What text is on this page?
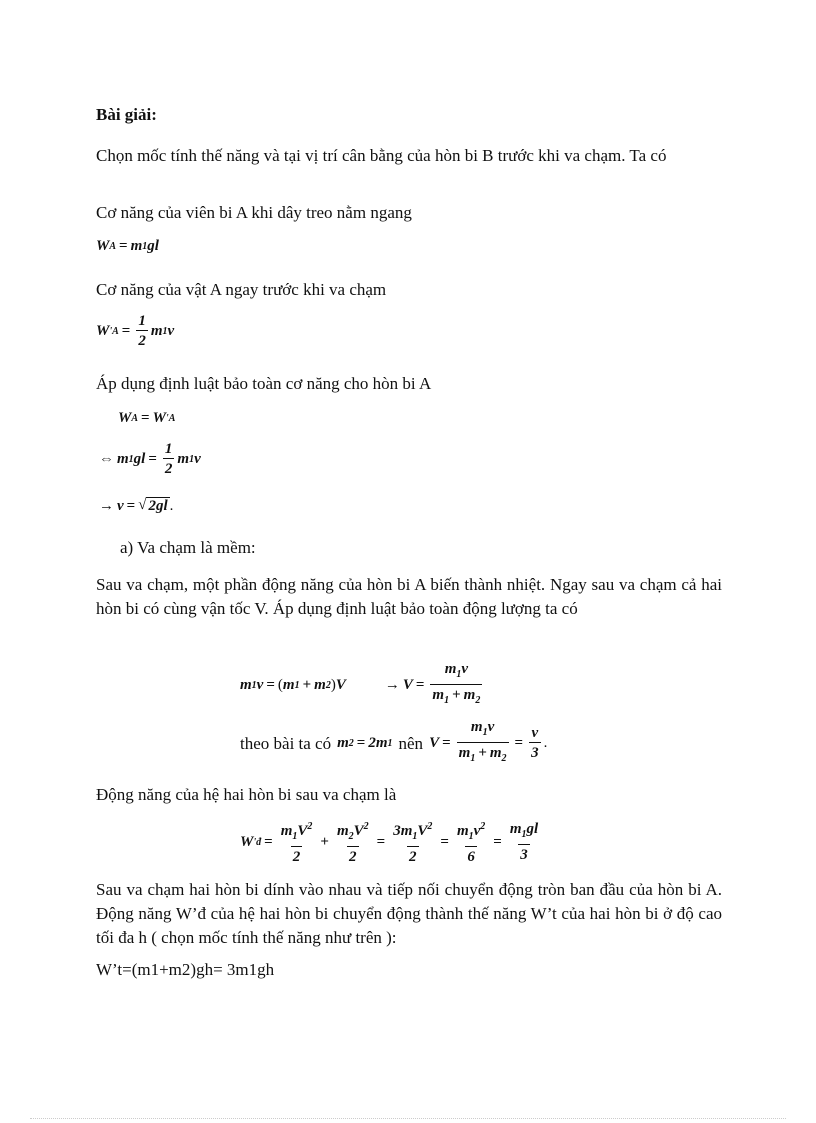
Bài giải:

Chọn mốc tính thế năng và tại vị trí cân bằng của hòn bi B trước khi va chạm. Ta có

Cơ năng của viên bi A khi dây treo nằm ngang

W A = m 1 gl

Cơ năng của vật A ngay trước khi va chạm

W ' $A = \frac{1}{2}$ m 1 v

Áp dụng định luật bảo toàn cơ năng cho hòn bi A

W A = W ' A
⇔ m 1 gl = $\frac{1}{2}$ m 1 v
→ v = √ 2gl .

a) Va chạm là mềm:

Sau va chạm, một phần động năng của hòn bi A biến thành nhiệt. Ngay sau va chạm cả hai hòn bi có cùng vận tốc V. Áp dụng định luật bảo toàn động lượng ta có

m 1 v = ( m 1 + m 2 ) V	→ $V = \frac{m_1v}{m_1 + m_2}$
theo bài ta có m 2 = 2m 1 nên $V = \frac{m_1v}{m_1 + m_2} = \frac{v}{3}$ .

Động năng của hệ hai hòn bi sau va chạm là

W ' đ = $\frac{m_1V^2}{2} + \frac{m_2V^2}{2} = \frac{3m_1V^2}{2} = \frac{m_1v^2}{6} = \frac{m_1gl}{3}$

Sau va chạm hai hòn bi dính vào nhau và tiếp nối chuyển động tròn ban đầu của hòn bi A. Động năng W’đ của hệ hai hòn bi chuyển động thành thế năng W’t của hai hòn bi ở độ cao tối đa h ( chọn mốc tính thế năng như trên ):

W’t=(m1+m2)gh= 3m1gh
